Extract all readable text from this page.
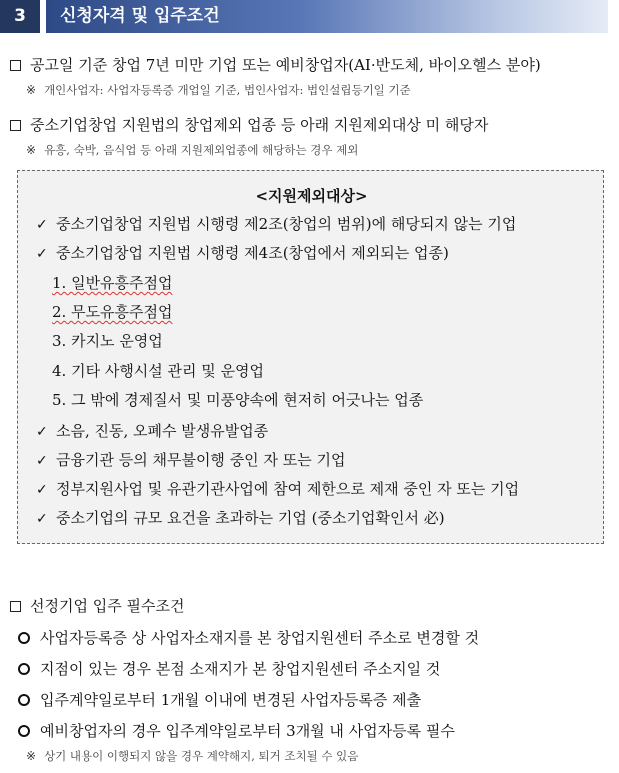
3	신청자격 및 입주조건
공고일 기준 창업 7년 미만 기업 또는 예비창업자(AI·반도체, 바이오헬스 분야)
※ 개인사업자: 사업자등록증 개업일 기준, 법인사업자: 법인설립등기일 기준
중소기업창업 지원법의 창업제외 업종 등 아래 지원제외대상 미 해당자
※ 유흥, 숙박, 음식업 등 아래 지원제외업종에 해당하는 경우 제외
<지원제외대상>
✓ 중소기업창업 지원법 시행령 제2조(창업의 범위)에 해당되지 않는 기업
✓ 중소기업창업 지원법 시행령 제4조(창업에서 제외되는 업종)
1. 일반유흥주점업
2. 무도유흥주점업
3. 카지노 운영업
4. 기타 사행시설 관리 및 운영업
5. 그 밖에 경제질서 및 미풍양속에 현저히 어긋나는 업종
✓ 소음, 진동, 오폐수 발생유발업종
✓ 금융기관 등의 채무불이행 중인 자 또는 기업
✓ 정부지원사업 및 유관기관사업에 참여 제한으로 제재 중인 자 또는 기업
✓ 중소기업의 규모 요건을 초과하는 기업 (중소기업확인서 必)
선정기업 입주 필수조건
사업자등록증 상 사업자소재지를 본 창업지원센터 주소로 변경할 것
지점이 있는 경우 본점 소재지가 본 창업지원센터 주소지일 것
입주계약일로부터 1개월 이내에 변경된 사업자등록증 제출
예비창업자의 경우 입주계약일로부터 3개월 내 사업자등록 필수
※ 상기 내용이 이행되지 않을 경우 계약해지, 퇴거 조치될 수 있음
